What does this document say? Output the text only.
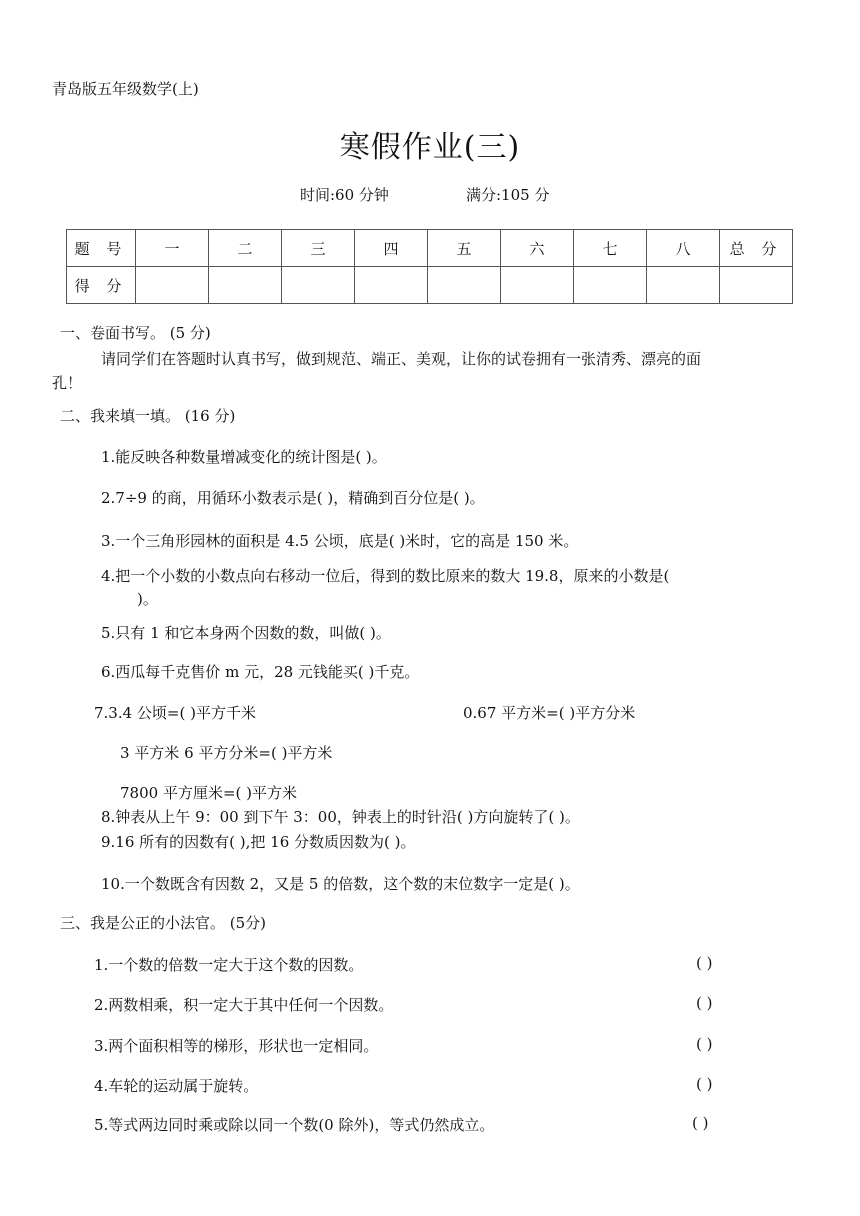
青岛版五年级数学(上)
寒假作业(三)
时间:60 分钟	满分:105 分
题 号	一	二	三	四	五	六	七	八	总 分
得 分									
一、卷面书写。 (5 分)
请同学们在答题时认真书写，做到规范、端正、美观，让你的试卷拥有一张清秀、漂亮的面
孔！
二、我来填一填。 (16 分)
1.能反映各种数量增减变化的统计图是( )。
2.7÷9 的商，用循环小数表示是( )，精确到百分位是( )。
3.一个三角形园林的面积是 4.5 公顷，底是( )米时，它的高是 150 米。
4.把一个小数的小数点向右移动一位后，得到的数比原来的数大 19.8，原来的小数是(
)。
5.只有 1 和它本身两个因数的数，叫做( )。
6.西瓜每千克售价 m 元，28 元钱能买( )千克。
7.3.4 公顷=( )平方千米	0.67 平方米=( )平方分米
3 平方米 6 平方分米=( )平方米
7800 平方厘米=( )平方米
8.钟表从上午 9：00 到下午 3：00，钟表上的时针沿( )方向旋转了( )。
9.16 所有的因数有( ),把 16 分数质因数为( )。
10.一个数既含有因数 2，又是 5 的倍数，这个数的末位数字一定是( )。
三、我是公正的小法官。 (5分)
1.一个数的倍数一定大于这个数的因数。	( )
2.两数相乘，积一定大于其中任何一个因数。	( )
3.两个面积相等的梯形，形状也一定相同。	( )
4.车轮的运动属于旋转。	( )
5.等式两边同时乘或除以同一个数(0 除外)，等式仍然成立。	( )
